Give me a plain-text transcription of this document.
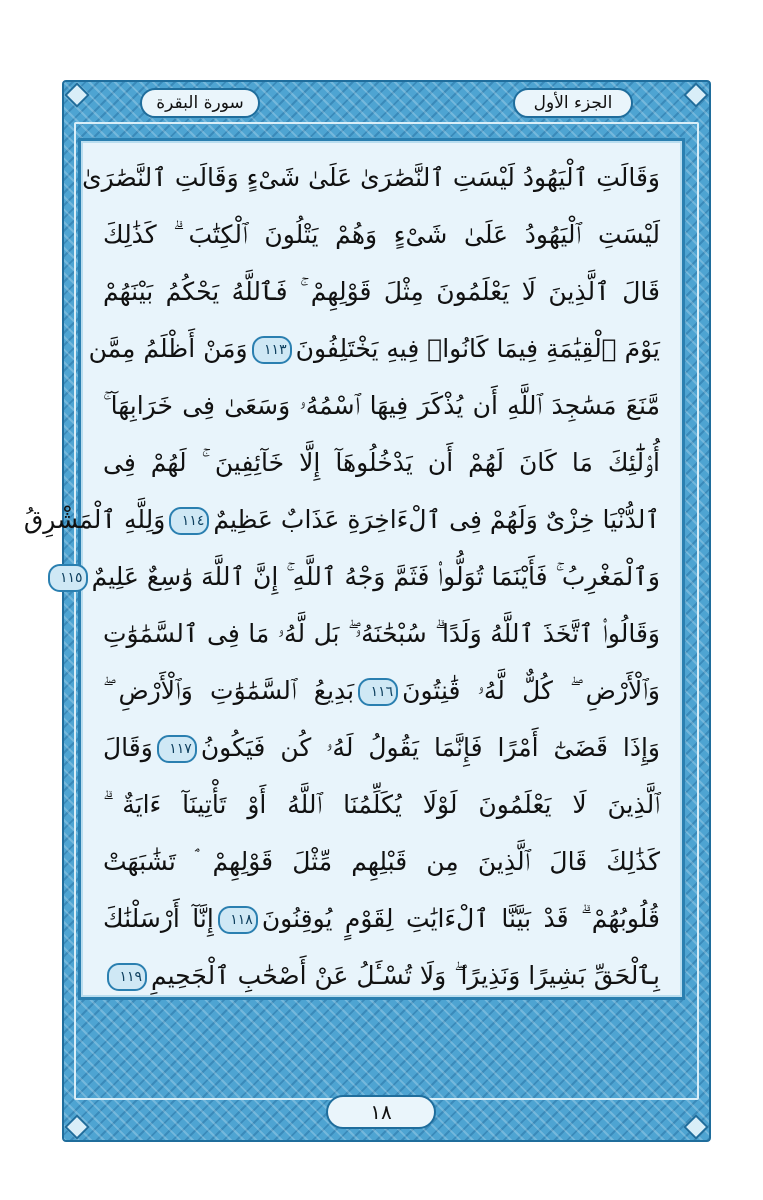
الجزء الأول
سورة البقرة
وَقَالَتِ ٱلْيَهُودُ لَيْسَتِ ٱلنَّصَٰرَىٰ عَلَىٰ شَىْءٍ وَقَالَتِ ٱلنَّصَٰرَىٰ
لَيْسَتِ ٱلْيَهُودُ عَلَىٰ شَىْءٍ وَهُمْ يَتْلُونَ ٱلْكِتَٰبَ ۗ كَذَٰلِكَ
قَالَ ٱلَّذِينَ لَا يَعْلَمُونَ مِثْلَ قَوْلِهِمْ ۚ فَٱللَّهُ يَحْكُمُ بَيْنَهُمْ
يَوْمَ ٱلْقِيَٰمَةِ فِيمَا كَانُوا۟ فِيهِ يَخْتَلِفُونَ١١٣وَمَنْ أَظْلَمُ مِمَّن
مَّنَعَ مَسَٰجِدَ ٱللَّهِ أَن يُذْكَرَ فِيهَا ٱسْمُهُۥ وَسَعَىٰ فِى خَرَابِهَآ ۚ
أُو۟لَٰٓئِكَ مَا كَانَ لَهُمْ أَن يَدْخُلُوهَآ إِلَّا خَآئِفِينَ ۚ لَهُمْ فِى
ٱلدُّنْيَا خِزْىٌ وَلَهُمْ فِى ٱلْءَاخِرَةِ عَذَابٌ عَظِيمٌ١١٤وَلِلَّهِ ٱلْمَشْرِقُ
وَٱلْمَغْرِبُ ۚ فَأَيْنَمَا تُوَلُّوا۟ فَثَمَّ وَجْهُ ٱللَّهِ ۚ إِنَّ ٱللَّهَ وَٰسِعٌ عَلِيمٌ١١٥
وَقَالُوا۟ ٱتَّخَذَ ٱللَّهُ وَلَدًا ۗ سُبْحَٰنَهُۥ ۖ بَل لَّهُۥ مَا فِى ٱلسَّمَٰوَٰتِ
وَٱلْأَرْضِ ۖ كُلٌّ لَّهُۥ قَٰنِتُونَ١١٦بَدِيعُ ٱلسَّمَٰوَٰتِ وَٱلْأَرْضِ ۖ
وَإِذَا قَضَىٰٓ أَمْرًا فَإِنَّمَا يَقُولُ لَهُۥ كُن فَيَكُونُ١١٧وَقَالَ
ٱلَّذِينَ لَا يَعْلَمُونَ لَوْلَا يُكَلِّمُنَا ٱللَّهُ أَوْ تَأْتِينَآ ءَايَةٌ ۗ
كَذَٰلِكَ قَالَ ٱلَّذِينَ مِن قَبْلِهِم مِّثْلَ قَوْلِهِمْ ۘ تَشَٰبَهَتْ
قُلُوبُهُمْ ۗ قَدْ بَيَّنَّا ٱلْءَايَٰتِ لِقَوْمٍ يُوقِنُونَ١١٨إِنَّآ أَرْسَلْنَٰكَ
بِٱلْحَقِّ بَشِيرًا وَنَذِيرًا ۖ وَلَا تُسْـَٔلُ عَنْ أَصْحَٰبِ ٱلْجَحِيمِ١١٩
١٨
